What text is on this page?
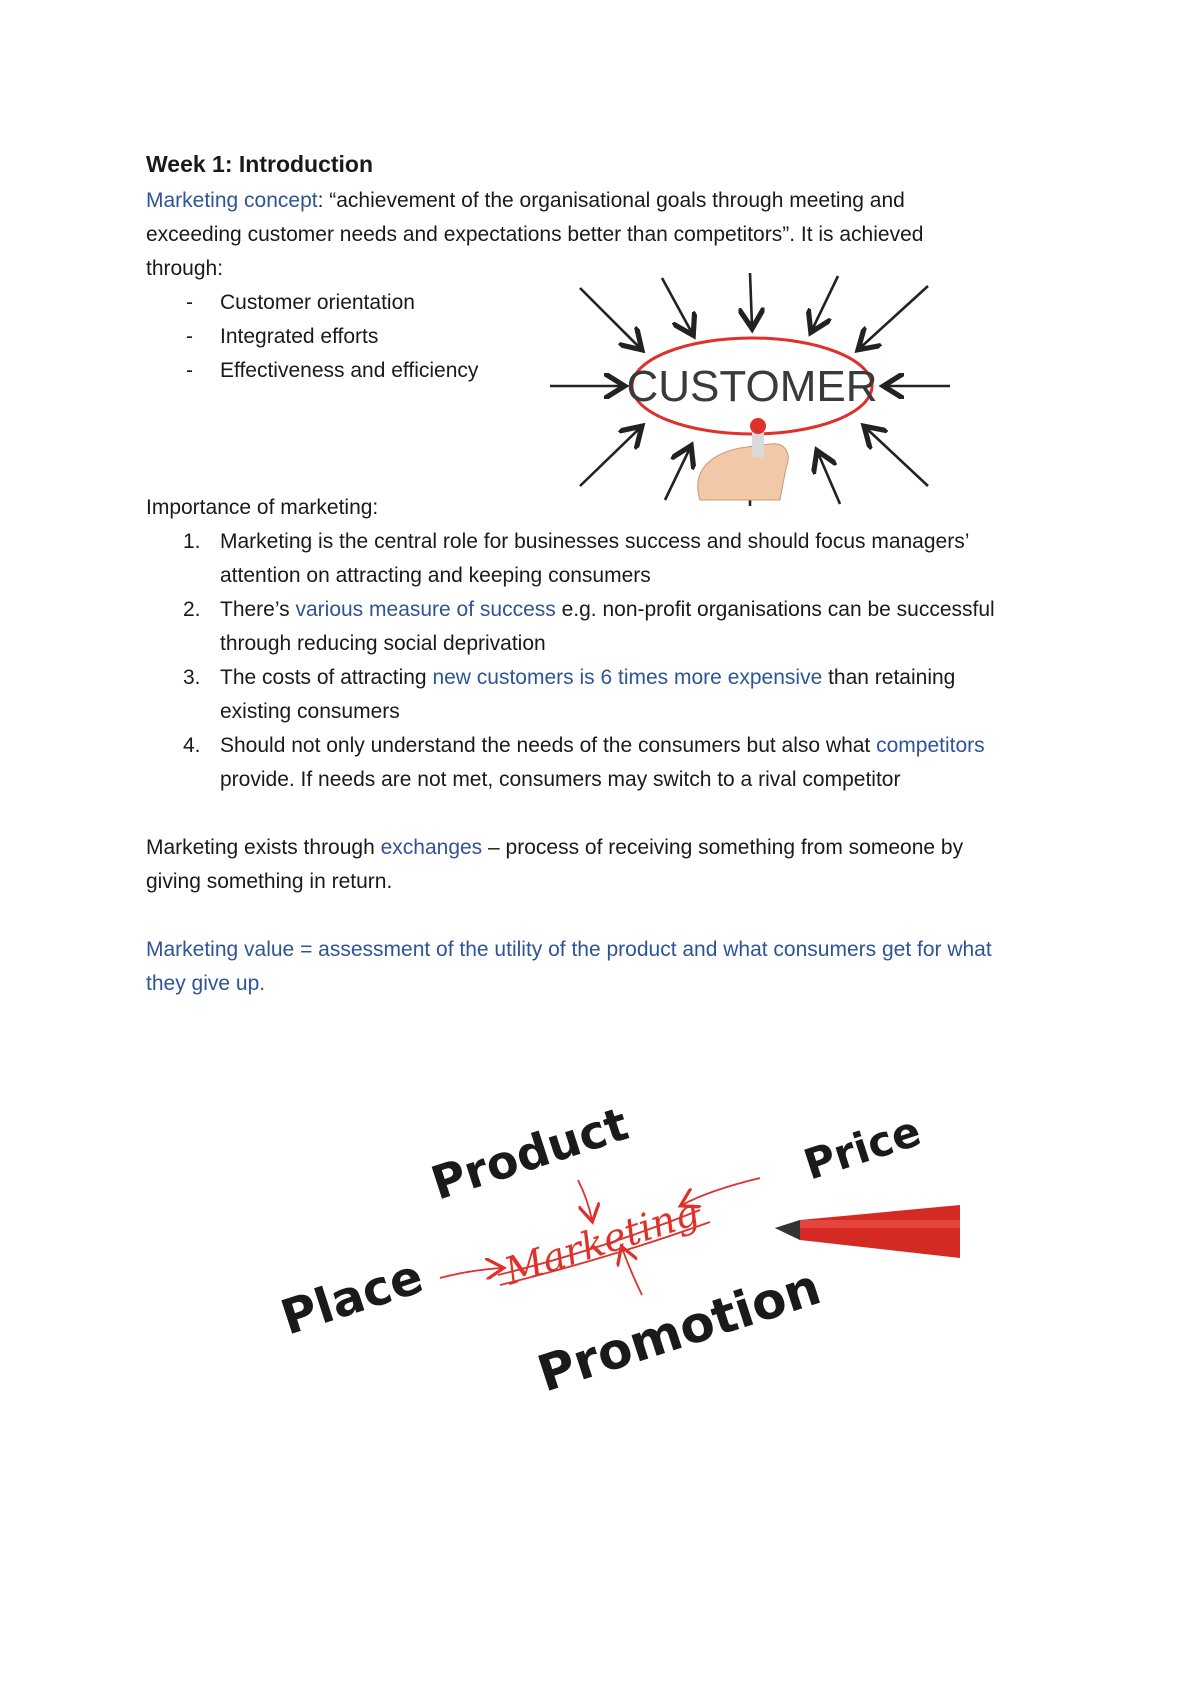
Week 1: Introduction
Marketing concept: “achievement of the organisational goals through meeting and
exceeding customer needs and expectations better than competitors”. It is achieved
through:
- Customer orientation
- Integrated efforts
- Effectiveness and efficiency	CUSTOMER
Importance of marketing:
1. Marketing is the central role for businesses success and should focus managers’
attention on attracting and keeping consumers
2. There’s various measure of success e.g. non-profit organisations can be successful
through reducing social deprivation
3. The costs of attracting new customers is 6 times more expensive than retaining
existing consumers
4. Should not only understand the needs of the consumers but also what competitors
provide. If needs are not met, consumers may switch to a rival competitor
Marketing exists through exchanges – process of receiving something from someone by
giving something in return.
Marketing value = assessment of the utility of the product and what consumers get for what
they give up.
Product	Price
Place Promotion
Marketing
